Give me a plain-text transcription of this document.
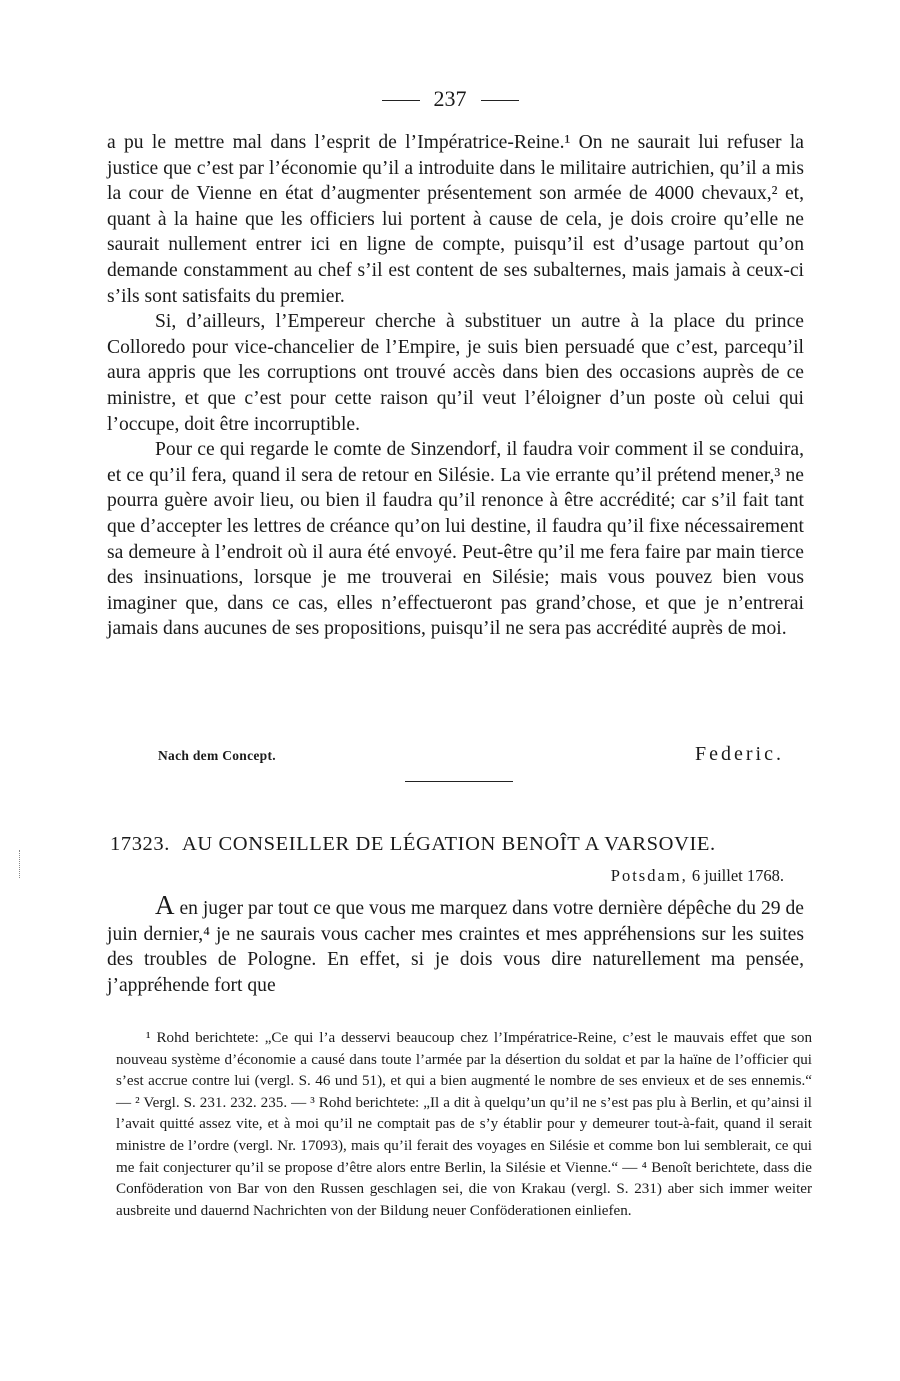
237

a pu le mettre mal dans l’esprit de l’Impératrice-Reine.¹ On ne saurait lui refuser la justice que c’est par l’économie qu’il a introduite dans le militaire autrichien, qu’il a mis la cour de Vienne en état d’augmenter présentement son armée de 4000 chevaux,² et, quant à la haine que les officiers lui portent à cause de cela, je dois croire qu’elle ne saurait nullement entrer ici en ligne de compte, puisqu’il est d’usage partout qu’on demande constamment au chef s’il est content de ses subalternes, mais jamais à ceux-ci s’ils sont satisfaits du premier.

Si, d’ailleurs, l’Empereur cherche à substituer un autre à la place du prince Colloredo pour vice-chancelier de l’Empire, je suis bien persuadé que c’est, parcequ’il aura appris que les corruptions ont trouvé accès dans bien des occasions auprès de ce ministre, et que c’est pour cette raison qu’il veut l’éloigner d’un poste où celui qui l’occupe, doit être incorruptible.

Pour ce qui regarde le comte de Sinzendorf, il faudra voir comment il se conduira, et ce qu’il fera, quand il sera de retour en Silésie. La vie errante qu’il prétend mener,³ ne pourra guère avoir lieu, ou bien il faudra qu’il renonce à être accrédité; car s’il fait tant que d’accepter les lettres de créance qu’on lui destine, il faudra qu’il fixe nécessairement sa demeure à l’endroit où il aura été envoyé. Peut-être qu’il me fera faire par main tierce des insinuations, lorsque je me trouverai en Silésie; mais vous pouvez bien vous imaginer que, dans ce cas, elles n’effectueront pas grand’chose, et que je n’entrerai jamais dans aucunes de ses propositions, puisqu’il ne sera pas accrédité auprès de moi.

Nach dem Concept.	Federic.
17323. AU CONSEILLER DE LÉGATION BENOÎT A VARSOVIE.
Potsdam, 6 juillet 1768.

A en juger par tout ce que vous me marquez dans votre dernière dépêche du 29 de juin dernier,⁴ je ne saurais vous cacher mes craintes et mes appréhensions sur les suites des troubles de Pologne. En effet, si je dois vous dire naturellement ma pensée, j’appréhende fort que

¹ Rohd berichtete: „Ce qui l’a desservi beaucoup chez l’Impératrice-Reine, c’est le mauvais effet que son nouveau système d’économie a causé dans toute l’armée par la désertion du soldat et par la haïne de l’officier qui s’est accrue contre lui (vergl. S. 46 und 51), et qui a bien augmenté le nombre de ses envieux et de ses ennemis.“ — ² Vergl. S. 231. 232. 235. — ³ Rohd berichtete: „Il a dit à quelqu’un qu’il ne s’est pas plu à Berlin, et qu’ainsi il l’avait quitté assez vite, et à moi qu’il ne comptait pas de s’y établir pour y demeurer tout-à-fait, quand il serait ministre de l’ordre (vergl. Nr. 17093), mais qu’il ferait des voyages en Silésie et comme bon lui semblerait, ce qui me fait conjecturer qu’il se propose d’être alors entre Berlin, la Silésie et Vienne.“ — ⁴ Benoît berichtete, dass die Conföderation von Bar von den Russen geschlagen sei, die von Krakau (vergl. S. 231) aber sich immer weiter ausbreite und dauernd Nachrichten von der Bildung neuer Conföderationen einliefen.
